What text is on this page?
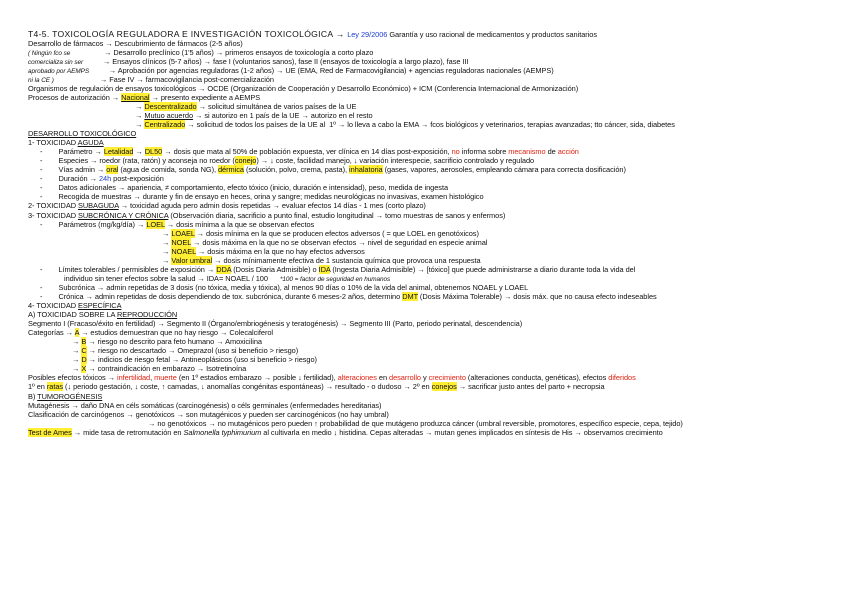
T4-5. TOXICOLOGÍA REGULADORA E INVESTIGACIÓN TOXICOLÓGICA → Ley 29/2006 Garantía y uso racional de medicamentos y productos sanitarios
Desarrollo de fármacos → Descubrimiento de fármacos (2-5 años)
( Ningún fco se                 → Desarrollo preclínico (1'5 años) → primeros ensayos de toxicología a corto plazo
comercializa sin ser          → Ensayos clínicos (5-7 años) → fase I (voluntarios sanos), fase II (ensayos de toxicología a largo plazo), fase III
aprobado por AEMPS          → Aprobación por agencias reguladoras (1-2 años) → UE (EMA, Red de Farmacovigilancia) + agencias reguladoras nacionales (AEMPS)
ni la CE )                       → Fase IV → farmacovigilancia post-comercialización
Organismos de regulación de ensayos toxicológicos → OCDE (Organización de Cooperación y Desarrollo Económico) + ICM (Conferencia Internacional de Armonización)
Procesos de autorización → Nacional → presento expediente a AEMPS
→ Descentralizado → solicitud simultánea de varios países de la UE
→ Mutuo acuerdo → si autorizo en 1 país de la UE → autorizo en el resto
→ Centralizado → solicitud de todos los países de la UE al  1º → lo lleva a cabo la EMA → fcos biológicos y veterinarios, terapias avanzadas; tto cáncer, sida, diabetes
DESARROLLO TOXICOLÓGICO
1- TOXICIDAD AGUDA
-        Parámetro → Letalidad → DL50 → dosis que mata al 50% de población expuesta, ver clínica en 14 días post-exposición, no informa sobre mecanismo de acción
-        Especies → roedor (rata, ratón) y aconseja no roedor (conejo) → ↓ coste, facilidad manejo, ↓ variación interespecie, sacrificio controlado y regulado
-        Vías admin → oral (agua de comida, sonda NG), dérmica (solución, polvo, crema, pasta), inhalatoria (gases, vapores, aerosoles, empleando cámara para correcta dosificación)
-        Duración → 24h post-exposición
-        Datos adicionales → apariencia, ≠ comportamiento, efecto tóxico (inicio, duración e intensidad), peso, medida de ingesta
-        Recogida de muestras → durante y fin de ensayo en heces, orina y sangre; medidas neurológicas no invasivas, examen histológico
2- TOXICIDAD SUBAGUDA → toxicidad aguda pero admin dosis repetidas → evaluar efectos 14 días - 1 mes (corto plazo)
3- TOXICIDAD SUBCRÓNICA Y CRÓNICA (Observación diaria, sacrificio a punto final, estudio longitudinal → tomo muestras de sanos y enfermos)
-        Parámetros (mg/kg/día) → LOEL → dosis mínima a la que se observan efectos
→ LOAEL → dosis mínima en la que se producen efectos adversos ( = que LOEL en genotóxicos)
→ NOEL → dosis máxima en la que no se observan efectos → nivel de seguridad en especie animal
→ NOAEL → dosis máxima en la que no hay efectos adversos
→ Valor umbral → dosis mínimamente efectiva de 1 sustancia química que provoca una respuesta
-        Límites tolerables / permisibles de exposición → DDA (Dosis Diaria Admisible) o IDA (Ingesta Diaria Admisible) → [tóxico] que puede administrarse a diario durante toda la vida del
individuo sin tener efectos sobre la salud → IDA= NOAEL / 100      *100 = factor de seguridad en humanos
-        Subcrónica → admin repetidas de 3 dosis (no tóxica, media y tóxica), al menos 90 días o 10% de la vida del animal, obtenemos NOAEL y LOAEL
-        Crónica → admin repetidas de dosis dependiendo de tox. subcrónica, durante 6 meses-2 años, determino DMT (Dosis Máxima Tolerable) → dosis máx. que no causa efecto indeseables
4- TOXICIDAD ESPECÍFICA
A) TOXICIDAD SOBRE LA REPRODUCCIÓN
Segmento I (Fracaso/éxito en fertilidad) → Segmento II (Órgano/embriogénesis y teratogénesis) → Segmento III (Parto, periodo perinatal, descendencia)
Categorías → A → estudios demuestran que no hay riesgo → Colecalciferol
→ B → riesgo no descrito para feto humano → Amoxicilina
→ C → riesgo no descartado → Omeprazol (uso si beneficio > riesgo)
→ D → indicios de riesgo fetal → Antineoplásicos (uso si beneficio > riesgo)
→ X → contraindicación en embarazo → Isotretinoína
Posibles efectos tóxicos → infertilidad, muerte (en 1º estadios embarazo → posible ↓ fertilidad), alteraciones en desarrollo y crecimiento (alteraciones conducta, genéticas), efectos diferidos
1º en ratas (↓ periodo gestación, ↓ coste, ↑ camadas, ↓ anomalías congénitas espontáneas) → resultado - o dudoso → 2º en conejos → sacrificar justo antes del parto + necropsia
B) TUMOROGÉNESIS
Mutagénesis → daño DNA en céls somáticas (carcinogénesis) o céls germinales (enfermedades hereditarias)
Clasificación de carcinógenos → genotóxicos → son mutagénicos y pueden ser carcinogénicos (no hay umbral)
→ no genotóxicos → no mutagénicos pero pueden ↑ probabilidad de que mutágeno produzca cáncer (umbral reversible, promotores, específico especie, cepa, tejido)
Test de Ames → mide tasa de retromutación en Salmonella typhimurium al cultivarla en medio ↓ histidina. Cepas alteradas → mutan genes implicados en síntesis de His → observamos crecimiento
